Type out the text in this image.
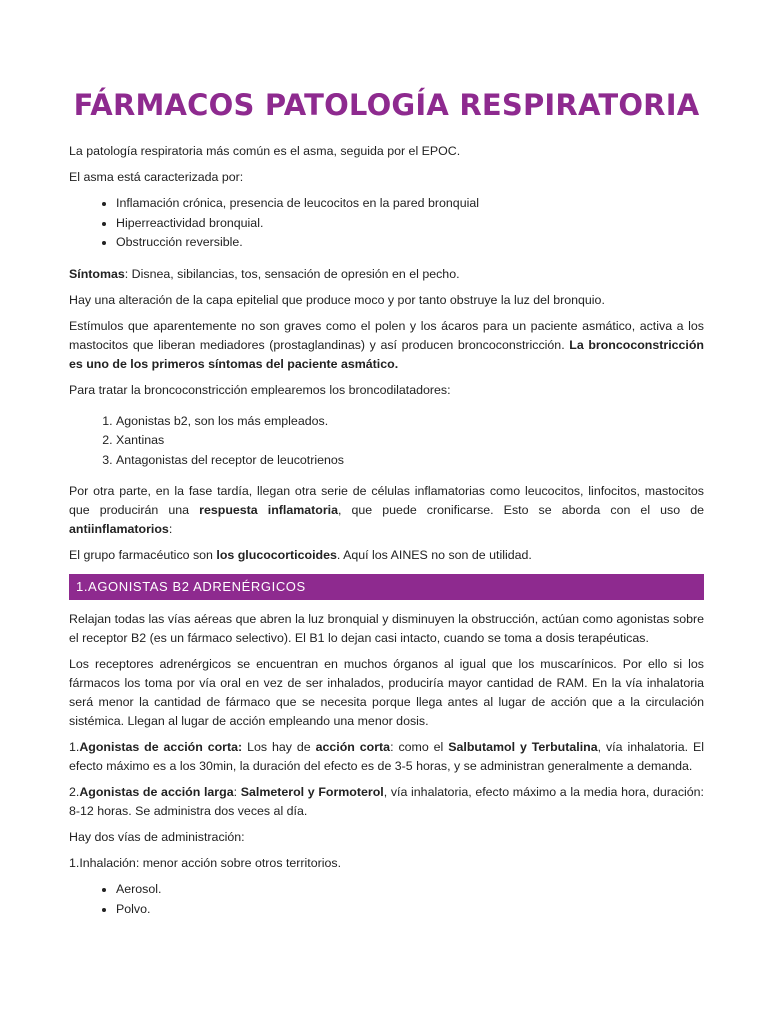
FÁRMACOS PATOLOGÍA RESPIRATORIA

La patología respiratoria más común es el asma, seguida por el EPOC.

El asma está caracterizada por:

• Inflamación crónica, presencia de leucocitos en la pared bronquial
• Hiperreactividad bronquial.
• Obstrucción reversible.

Síntomas: Disnea, sibilancias, tos, sensación de opresión en el pecho.

Hay una alteración de la capa epitelial que produce moco y por tanto obstruye la luz del bronquio.

Estímulos que aparentemente no son graves como el polen y los ácaros para un paciente asmático, activa a los mastocitos que liberan mediadores (prostaglandinas) y así producen broncoconstricción. La broncoconstricción es uno de los primeros síntomas del paciente asmático.

Para tratar la broncoconstricción emplearemos los broncodilatadores:

1. Agonistas b2, son los más empleados.
2. Xantinas
3. Antagonistas del receptor de leucotrienos

Por otra parte, en la fase tardía, llegan otra serie de células inflamatorias como leucocitos, linfocitos, mastocitos que producirán una respuesta inflamatoria, que puede cronificarse. Esto se aborda con el uso de antiinflamatorios:

El grupo farmacéutico son los glucocorticoides. Aquí los AINES no son de utilidad.

1.AGONISTAS B2 ADRENÉRGICOS

Relajan todas las vías aéreas que abren la luz bronquial y disminuyen la obstrucción, actúan como agonistas sobre el receptor B2 (es un fármaco selectivo). El B1 lo dejan casi intacto, cuando se toma a dosis terapéuticas.

Los receptores adrenérgicos se encuentran en muchos órganos al igual que los muscarínicos. Por ello si los fármacos los toma por vía oral en vez de ser inhalados, produciría mayor cantidad de RAM. En la vía inhalatoria será menor la cantidad de fármaco que se necesita porque llega antes al lugar de acción que a la circulación sistémica. Llegan al lugar de acción empleando una menor dosis.

1.Agonistas de acción corta: Los hay de acción corta: como el Salbutamol y Terbutalina, vía inhalatoria. El efecto máximo es a los 30min, la duración del efecto es de 3-5 horas, y se administran generalmente a demanda.

2.Agonistas de acción larga: Salmeterol y Formoterol, vía inhalatoria, efecto máximo a la media hora, duración: 8-12 horas. Se administra dos veces al día.

Hay dos vías de administración:

1.Inhalación: menor acción sobre otros territorios.

• Aerosol.
• Polvo.
